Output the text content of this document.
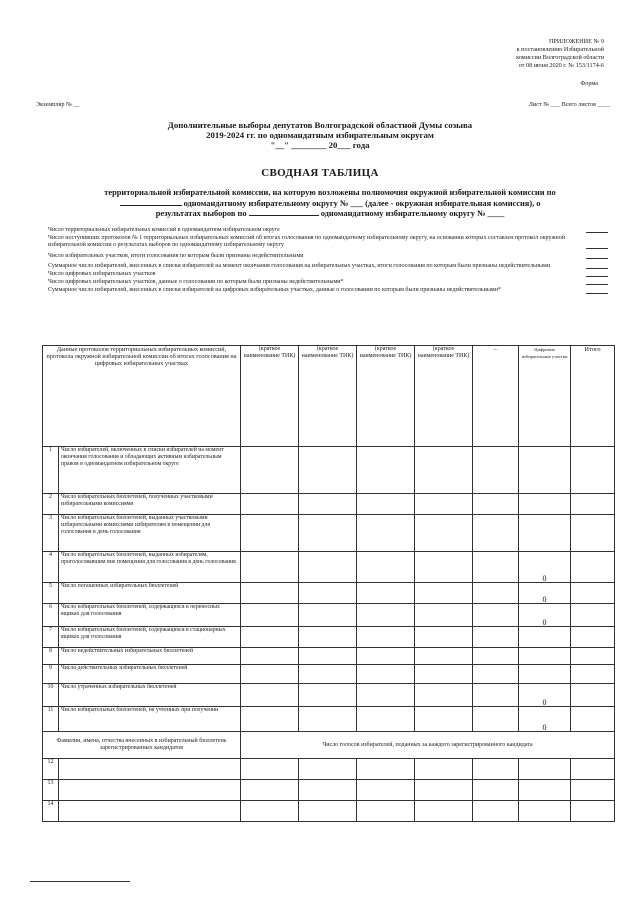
ПРИЛОЖЕНИЕ № 9
к постановлению Избирательной
комиссии Волгоградской области
от 08 июня 2020 г. № 153/1174-6
Форма
Экземпляр № __	Лист № ___ Всего листов ____
Дополнительные выборы депутатов Волгоградской областной Думы созыва
2019-2024 гг. по одномандатным избирательным округам
"__" ________ 20___ года
СВОДНАЯ ТАБЛИЦА
территориальной избирательной комиссии, на которую возложены полномочия окружной избирательной комиссии по
одномандатному избирательному округу № ___ (далее - окружная избирательная комиссия), о
результатах выборов по	одномандатному избирательному округу № ____
Число территориальных избирательных комиссий в одномандатном избирательном округе
Число поступивших протоколов № 1 территориальных избирательных комиссий об итогах голосования по одномандатному избирательному округу, на основании которых составлен протокол окружной избирательной комиссии о результатах выборов по одномандатному избирательному округу
Число избирательных участков, итоги голосования по которым были признаны недействительными
Суммарное число избирателей, внесенных в списки избирателей на момент окончания голосования на избирательных участках, итоги голосования по которым были признаны недействительными
Число цифровых избирательных участков
Число цифровых избирательных участков, данные о голосовании по которым были признаны недействительными*
Суммарное число избирателей, внесенных в списки избирателей на цифровых избирательных участках, данные о голосовании по которым были признаны недействительными*
Данные протоколов территориальных избирательных комиссий, протокола окружной избирательной комиссии об итогах голосования на цифровых избирательных участках		(краткое наименование ТИК)	(краткое наименование ТИК)	(краткое наименование ТИК)	(краткое наименование ТИК)	...	Цифровые избирательные участки	Итого
1	Число избирателей, включенных в списки избирателей на момент окончания голосования и обладающих активным избирательным правом в одномандатном избирательном округе							
2	Число избирательных бюллетеней, полученных участковыми избирательными комиссиями							
3	Число избирательных бюллетеней, выданных участковыми избирательными комиссиями избирателям в помещении для голосования в день голосования							
4	Число избирательных бюллетеней, выданных избирателям, проголосовавшим вне помещения для голосования в день голосования						0	
5	Число погашенных избирательных бюллетеней						0	
6	Число избирательных бюллетеней, содержащихся в переносных ящиках для голосования						0	
7	Число избирательных бюллетеней, содержащихся в стационарных ящиках для голосования							
8	Число недействительных избирательных бюллетеней							
9	Число действительных избирательных бюллетеней							
10	Число утраченных избирательных бюллетеней						0	
11	Число избирательных бюллетеней, не учтенных при получении						0	
Фамилии, имена, отчества внесенных в избирательный бюллетень зарегистрированных кандидатов		Число голосов избирателей, поданных за каждого зарегистрированного кандидата						
12								
13								
14								
